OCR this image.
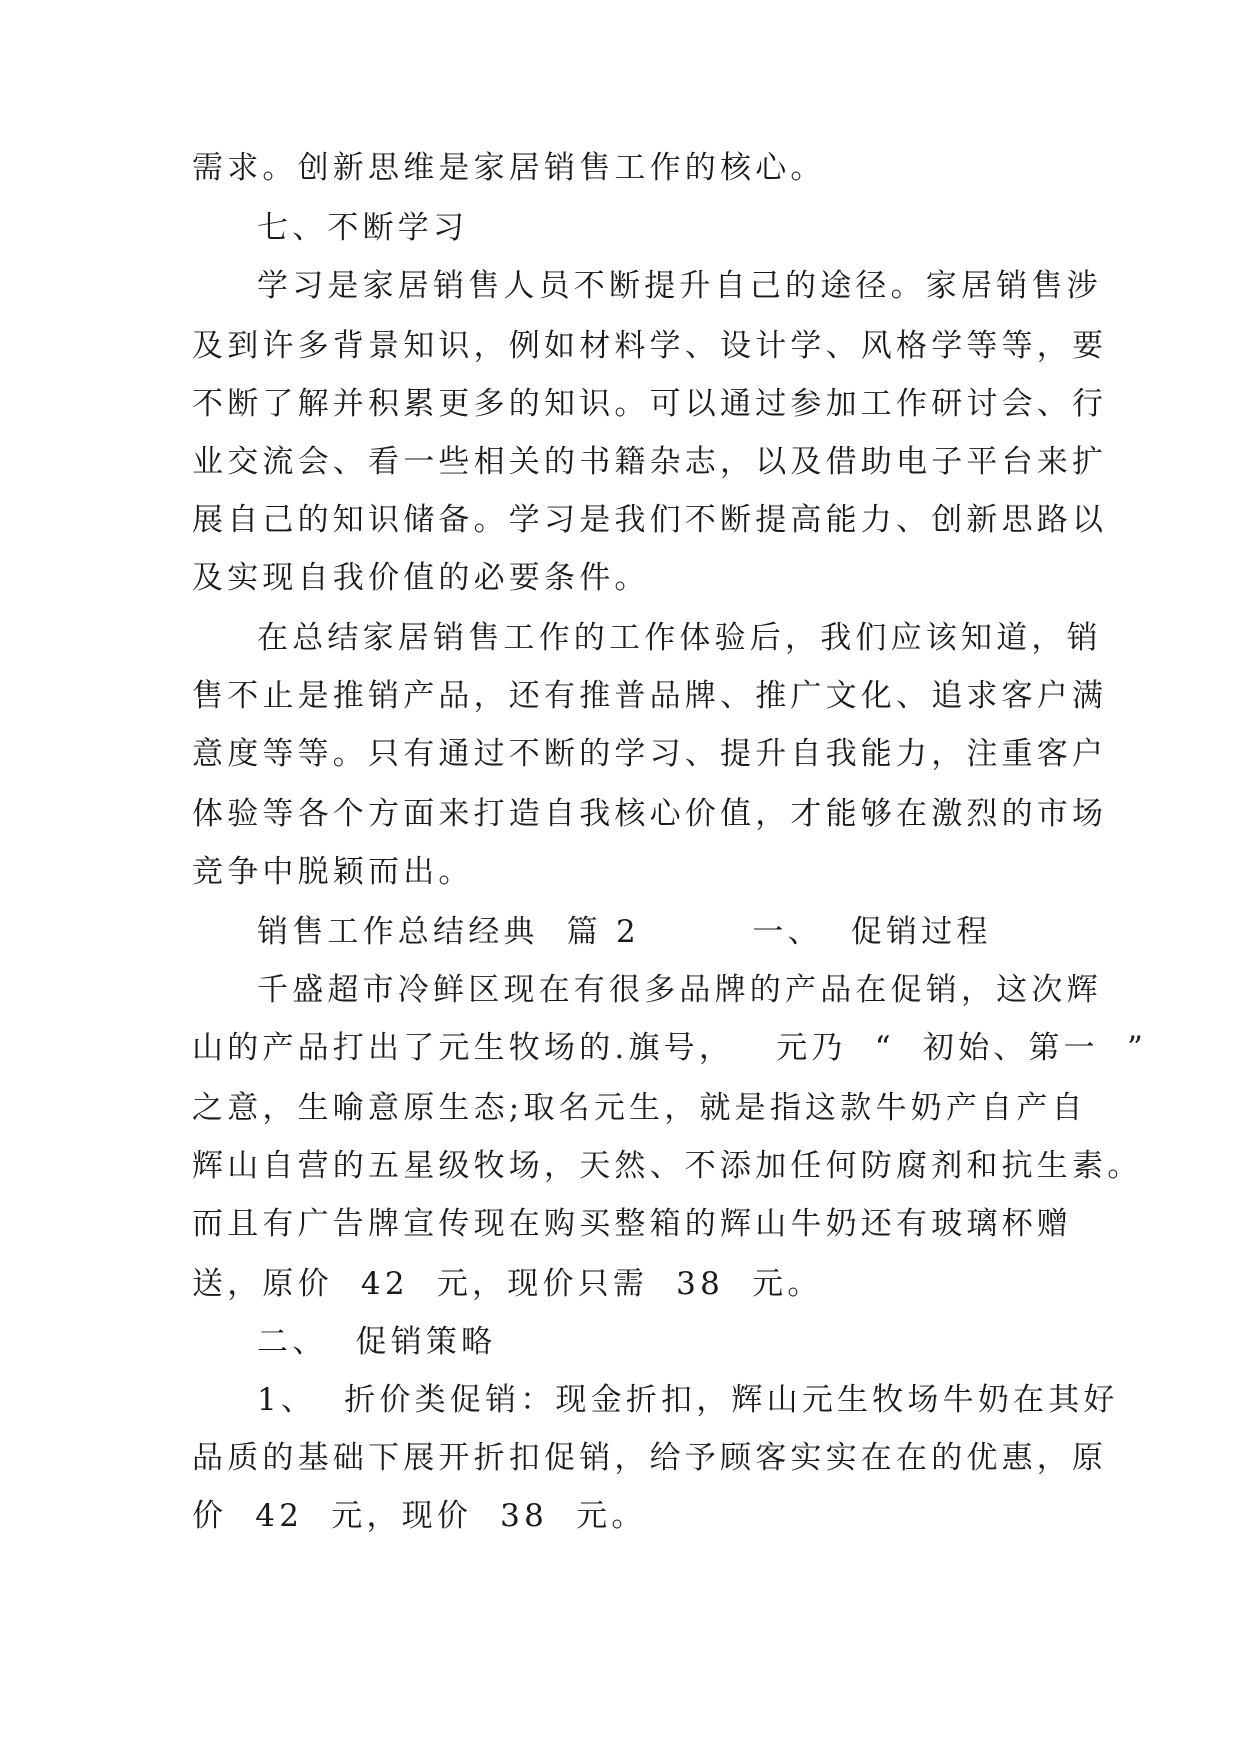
需求。创新思维是家居销售工作的核心。
七、不断学习
学习是家居销售人员不断提升自己的途径。家居销售涉
及到许多背景知识，例如材料学、设计学、风格学等等，要
不断了解并积累更多的知识。可以通过参加工作研讨会、行
业交流会、看一些相关的书籍杂志，以及借助电子平台来扩
展自己的知识储备。学习是我们不断提高能力、创新思路以
及实现自我价值的必要条件。
在总结家居销售工作的工作体验后，我们应该知道，销
售不止是推销产品，还有推普品牌、推广文化、追求客户满
意度等等。只有通过不断的学习、提升自我能力，注重客户
体验等各个方面来打造自我核心价值，才能够在激烈的市场
竞争中脱颖而出。
销售工作总结经典  篇 2        一、  促销过程
千盛超市冷鲜区现在有很多品牌的产品在促销，这次辉
山的产品打出了元生牧场的.旗号，   元乃  “  初始、第一  ”
之意，生喻意原生态;取名元生，就是指这款牛奶产自产自
辉山自营的五星级牧场，天然、不添加任何防腐剂和抗生素。
而且有广告牌宣传现在购买整箱的辉山牛奶还有玻璃杯赠
送，原价  42  元，现价只需  38  元。
二、  促销策略
1、  折价类促销：现金折扣，辉山元生牧场牛奶在其好
品质的基础下展开折扣促销，给予顾客实实在在的优惠，原
价  42  元，现价  38  元。
